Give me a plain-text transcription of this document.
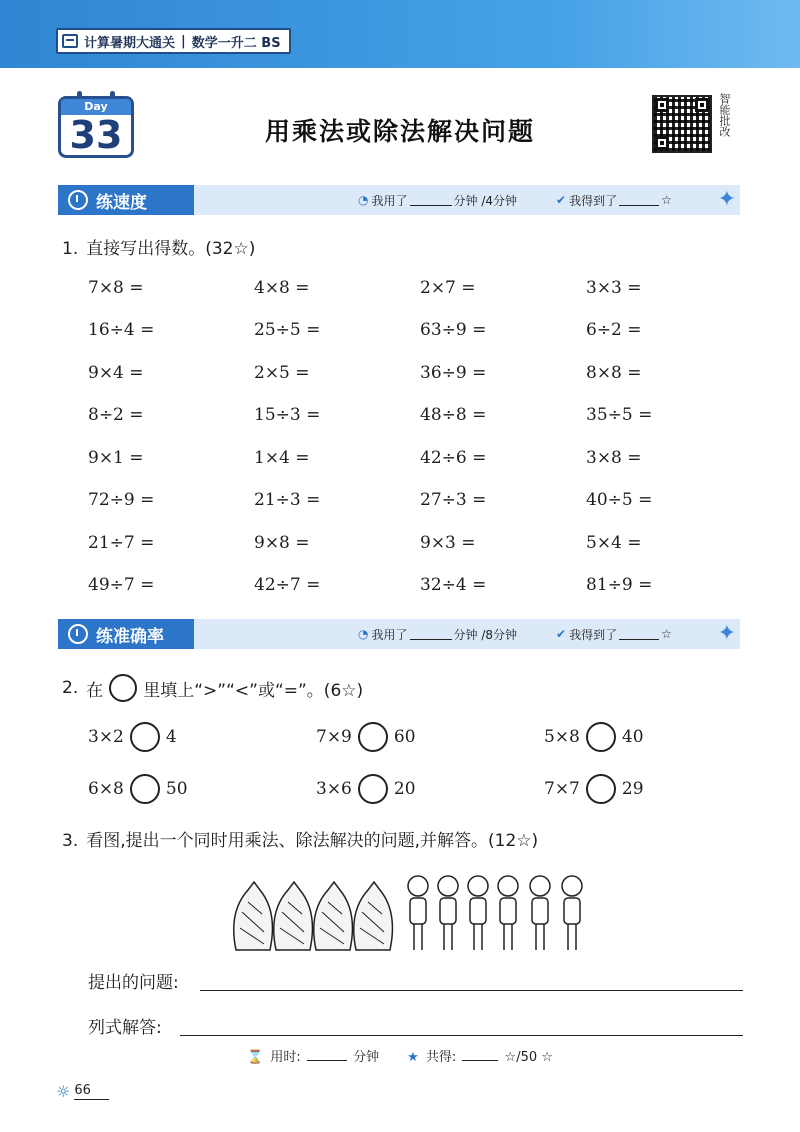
计算暑期大通关 | 数学一升二 BS
Day
33	用乘法或除法解决问题	智能批改
练速度	◔ 我用了	分钟 /4分钟	✔ 我得到了	☆ ✦
1. 直接写出得数。(32☆)
7×8 =	4×8 =	2×7 =	3×3 =
16÷4 =	25÷5 =	63÷9 =	6÷2 =
9×4 =	2×5 =	36÷9 =	8×8 =
8÷2 =	15÷3 =	48÷8 =	35÷5 =
9×1 =	1×4 =	42÷6 =	3×8 =
72÷9 =	21÷3 =	27÷3 =	40÷5 =
21÷7 =	9×8 =	9×3 =	5×4 =
49÷7 =	42÷7 =	32÷4 =	81÷9 =
练准确率	◔ 我用了	分钟 /8分钟	✔ 我得到了	☆ ✦
2. 在 里填上“>”“<”或“=”。(6☆)
3×2 4	7×9 60	5×8 40
6×8 50	3×6 20	7×7 29
3. 看图,提出一个同时用乘法、除法解决的问题,并解答。(12☆)
提出的问题:
列式解答:
⌛ 用时:	分钟 ★ 共得:	☆/50 ☆
☼ 66
